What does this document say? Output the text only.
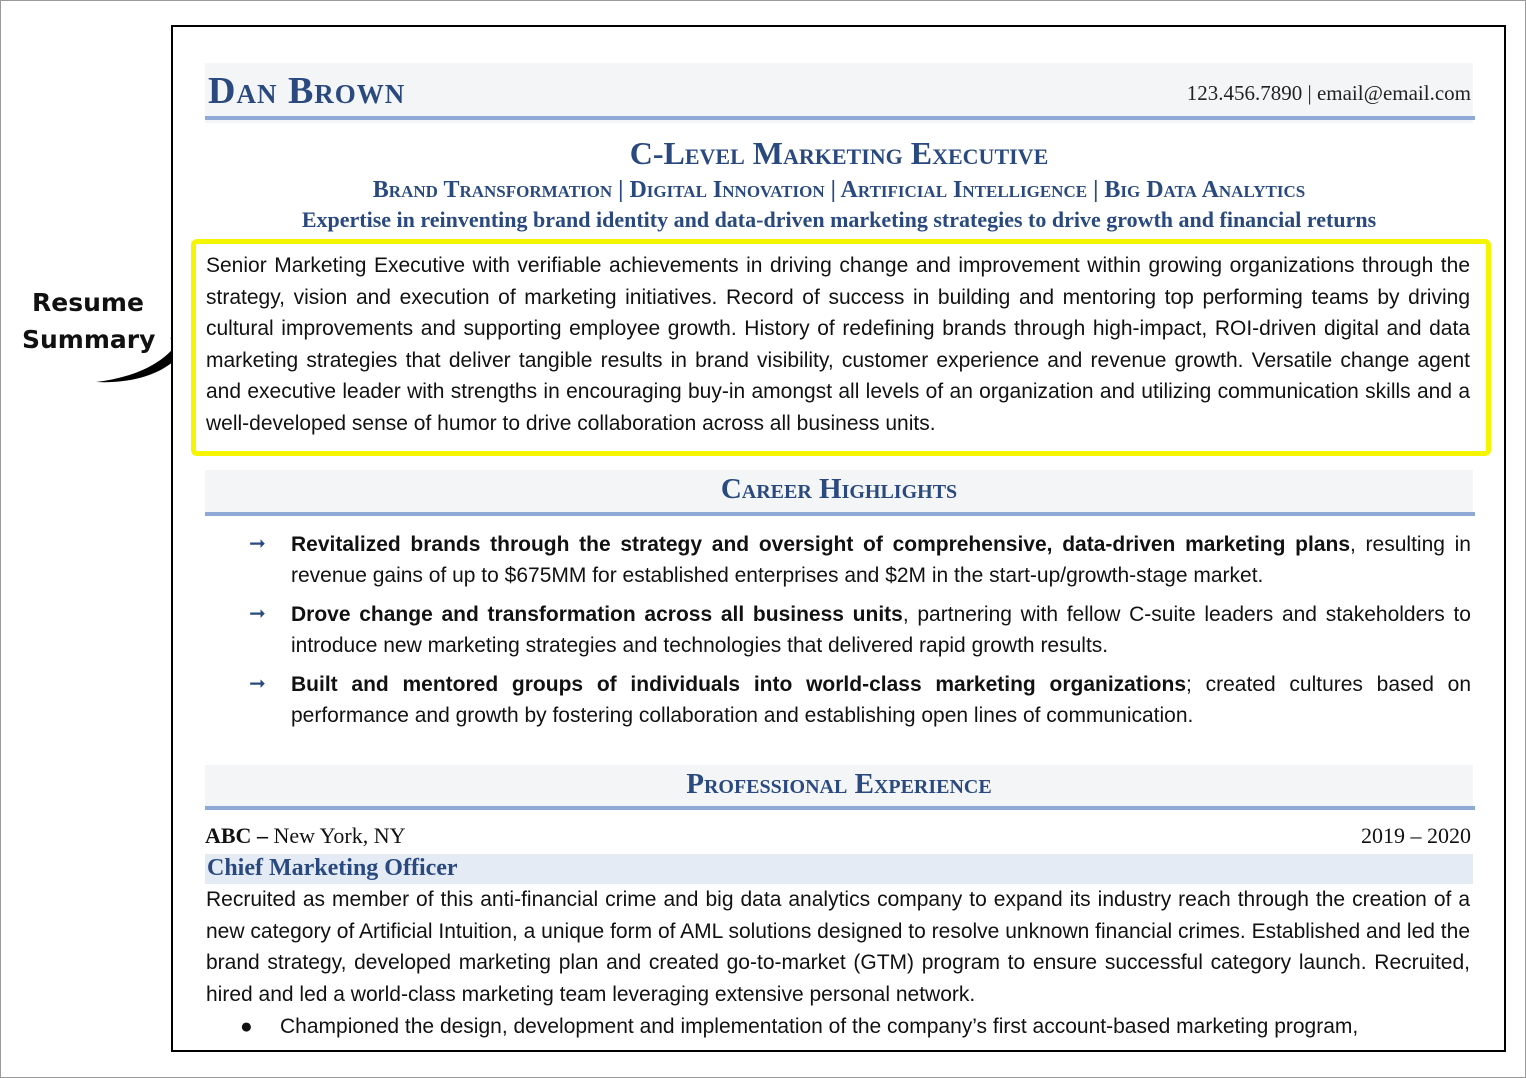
Resume
Summary
Dan Brown	123.456.7890 | email@email.com
C-Level Marketing Executive
Brand Transformation | Digital Innovation | Artificial Intelligence | Big Data Analytics
Expertise in reinventing brand identity and data-driven marketing strategies to drive growth and financial returns
Senior Marketing Executive with verifiable achievements in driving change and improvement within growing organizations through the strategy, vision and execution of marketing initiatives. Record of success in building and mentoring top performing teams by driving cultural improvements and supporting employee growth. History of redefining brands through high-impact, ROI-driven digital and data marketing strategies that deliver tangible results in brand visibility, customer experience and revenue growth. Versatile change agent and executive leader with strengths in encouraging buy-in amongst all levels of an organization and utilizing communication skills and a well-developed sense of humor to drive collaboration across all business units.
Career Highlights
➞ Revitalized brands through the strategy and oversight of comprehensive, data-driven marketing plans, resulting in revenue gains of up to $675MM for established enterprises and $2M in the start-up/growth-stage market.
➞ Drove change and transformation across all business units, partnering with fellow C-suite leaders and stakeholders to introduce new marketing strategies and technologies that delivered rapid growth results.
➞ Built and mentored groups of individuals into world-class marketing organizations; created cultures based on performance and growth by fostering collaboration and establishing open lines of communication.
Professional Experience
ABC – New York, NY	2019 – 2020
Chief Marketing Officer
Recruited as member of this anti-financial crime and big data analytics company to expand its industry reach through the creation of a new category of Artificial Intuition, a unique form of AML solutions designed to resolve unknown financial crimes. Established and led the brand strategy, developed marketing plan and created go-to-market (GTM) program to ensure successful category launch. Recruited, hired and led a world-class marketing team leveraging extensive personal network.
●	Championed the design, development and implementation of the company’s first account-based marketing program,
